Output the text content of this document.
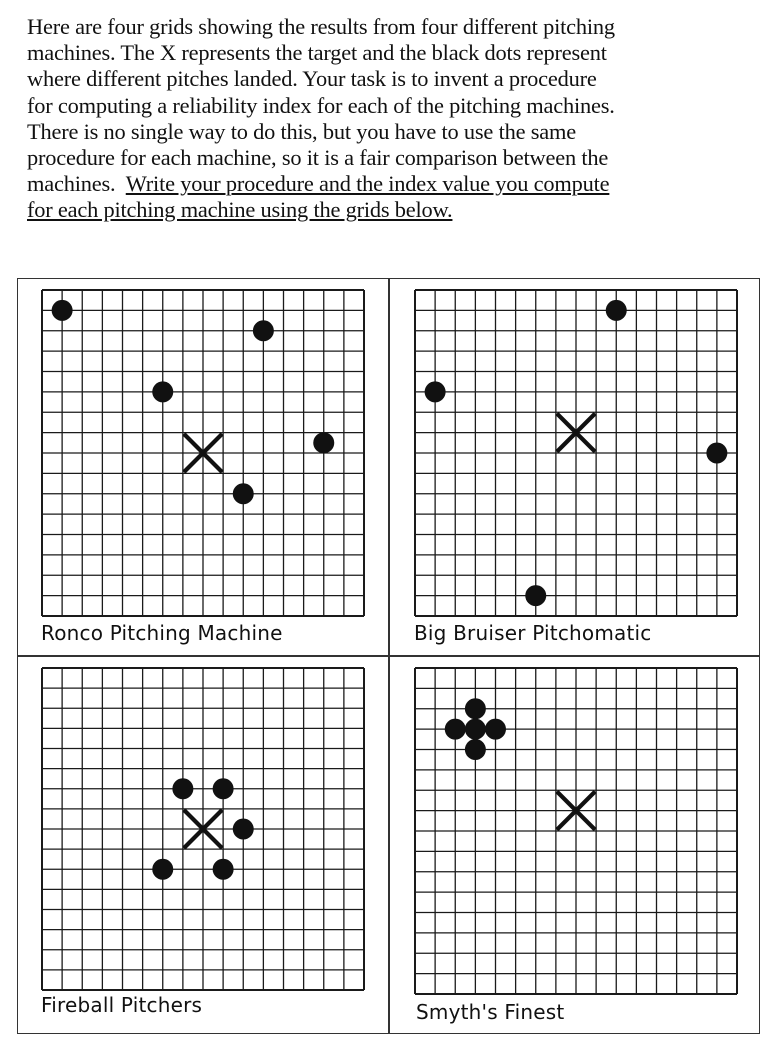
Here are four grids showing the results from four different pitching
machines. The X represents the target and the black dots represent
where different pitches landed. Your task is to invent a procedure
for computing a reliability index for each of the pitching machines.
There is no single way to do this, but you have to use the same
procedure for each machine, so it is a fair comparison between the
machines.  Write your procedure and the index value you compute
for each pitching machine using the grids below.
Ronco Pitching Machine	Big Bruiser Pitchomatic
Fireball Pitchers	Smyth's Finest
